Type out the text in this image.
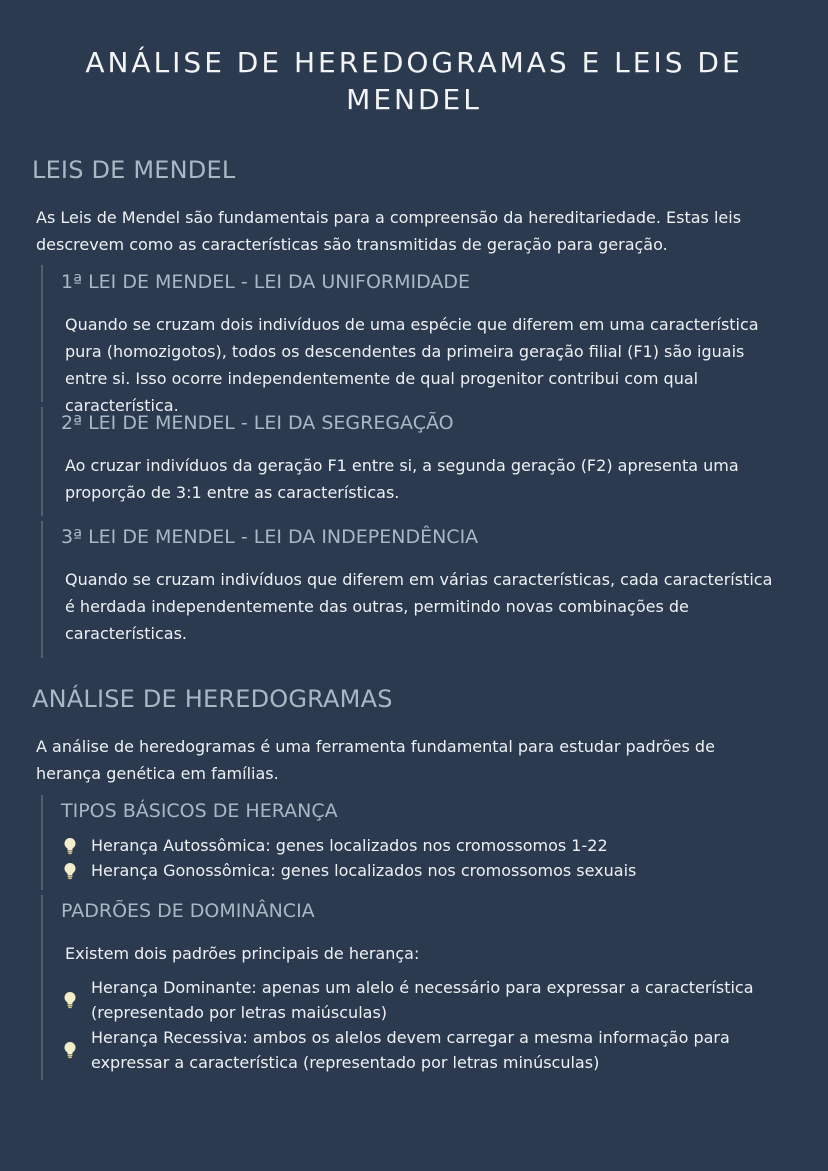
ANÁLISE DE HEREDOGRAMAS E LEIS DE MENDEL
LEIS DE MENDEL

As Leis de Mendel são fundamentais para a compreensão da hereditariedade. Estas leis descrevem como as características são transmitidas de geração para geração.

1ª LEI DE MENDEL - LEI DA UNIFORMIDADE

Quando se cruzam dois indivíduos de uma espécie que diferem em uma característica pura (homozigotos), todos os descendentes da primeira geração filial (F1) são iguais entre si. Isso ocorre independentemente de qual progenitor contribui com qual característica.

2ª LEI DE MENDEL - LEI DA SEGREGAÇÃO

Ao cruzar indivíduos da geração F1 entre si, a segunda geração (F2) apresenta uma proporção de 3:1 entre as características.

3ª LEI DE MENDEL - LEI DA INDEPENDÊNCIA

Quando se cruzam indivíduos que diferem em várias características, cada característica é herdada independentemente das outras, permitindo novas combinações de características.

ANÁLISE DE HEREDOGRAMAS

A análise de heredogramas é uma ferramenta fundamental para estudar padrões de herança genética em famílias.

TIPOS BÁSICOS DE HERANÇA
Herança Autossômica: genes localizados nos cromossomos 1-22
Herança Gonossômica: genes localizados nos cromossomos sexuais
PADRÕES DE DOMINÂNCIA

Existem dois padrões principais de herança:

Herança Dominante: apenas um alelo é necessário para expressar a característica (representado por letras maiúsculas)
Herança Recessiva: ambos os alelos devem carregar a mesma informação para expressar a característica (representado por letras minúsculas)
